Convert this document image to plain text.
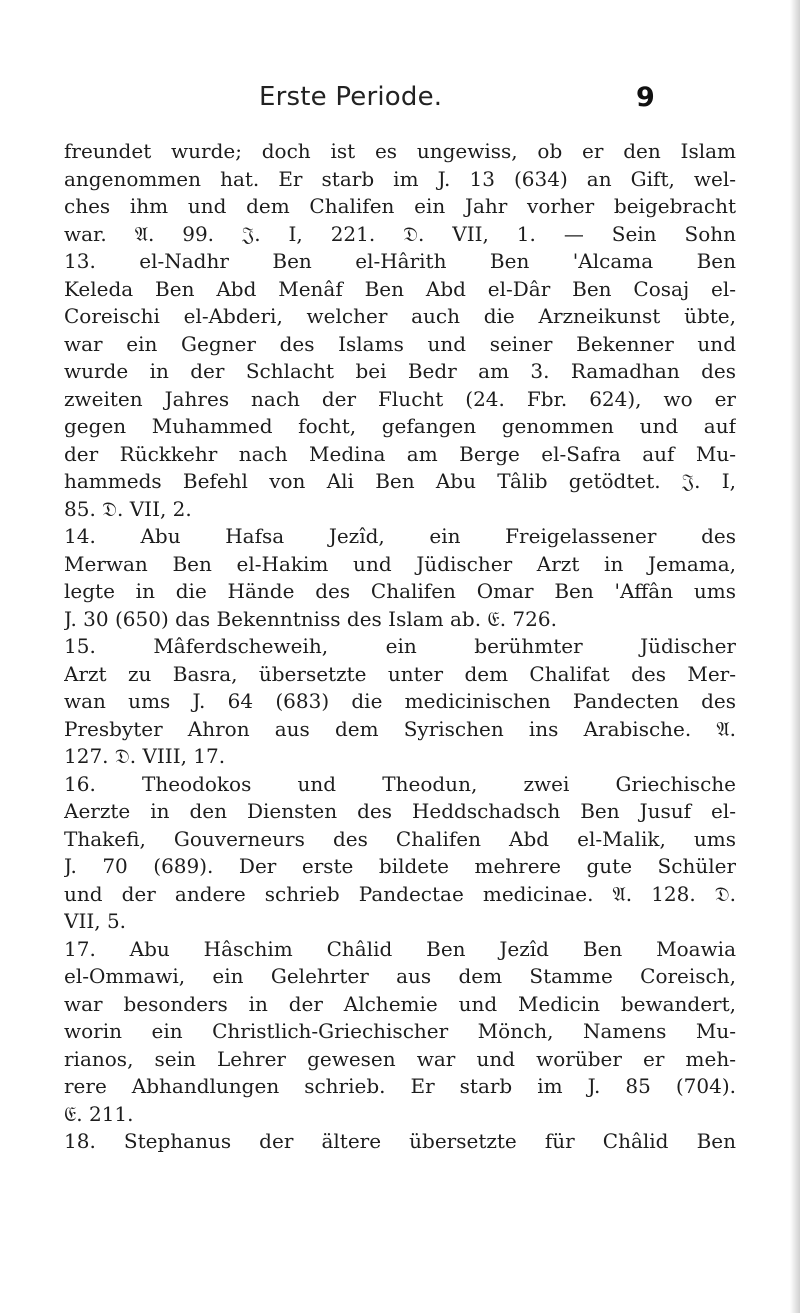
Erste Periode.	9
freundet wurde; doch ist es ungewiss, ob er den Islam
angenommen hat. Er starb im J. 13 (634) an Gift, wel-
ches ihm und dem Chalifen ein Jahr vorher beigebracht
war. 𝔄. 99. 𝔍. I, 221. 𝔇. VII, 1. — Sein Sohn
13. el-Nadhr Ben el-Hârith Ben 'Alcama Ben
Keleda Ben Abd Menâf Ben Abd el-Dâr Ben Cosaj el-
Coreischi el-Abderi, welcher auch die Arzneikunst übte,
war ein Gegner des Islams und seiner Bekenner und
wurde in der Schlacht bei Bedr am 3. Ramadhan des
zweiten Jahres nach der Flucht (24. Fbr. 624), wo er
gegen Muhammed focht, gefangen genommen und auf
der Rückkehr nach Medina am Berge el-Safra auf Mu-
hammeds Befehl von Ali Ben Abu Tâlib getödtet. 𝔍. I,
85. 𝔇. VII, 2.
14. Abu Hafsa Jezîd, ein Freigelassener des
Merwan Ben el-Hakim und Jüdischer Arzt in Jemama,
legte in die Hände des Chalifen Omar Ben 'Affân ums
J. 30 (650) das Bekenntniss des Islam ab. 𝔈. 726.
15. Mâferdscheweih, ein berühmter Jüdischer
Arzt zu Basra, übersetzte unter dem Chalifat des Mer-
wan ums J. 64 (683) die medicinischen Pandecten des
Presbyter Ahron aus dem Syrischen ins Arabische. 𝔄.
127. 𝔇. VIII, 17.
16. Theodokos und Theodun, zwei Griechische
Aerzte in den Diensten des Heddschadsch Ben Jusuf el-
Thakefi, Gouverneurs des Chalifen Abd el-Malik, ums
J. 70 (689). Der erste bildete mehrere gute Schüler
und der andere schrieb Pandectae medicinae. 𝔄. 128. 𝔇.
VII, 5.
17. Abu Hâschim Châlid Ben Jezîd Ben Moawia
el-Ommawi, ein Gelehrter aus dem Stamme Coreisch,
war besonders in der Alchemie und Medicin bewandert,
worin ein Christlich-Griechischer Mönch, Namens Mu-
rianos, sein Lehrer gewesen war und worüber er meh-
rere Abhandlungen schrieb. Er starb im J. 85 (704).
𝔈. 211.
18. Stephanus der ältere übersetzte für Châlid Ben
